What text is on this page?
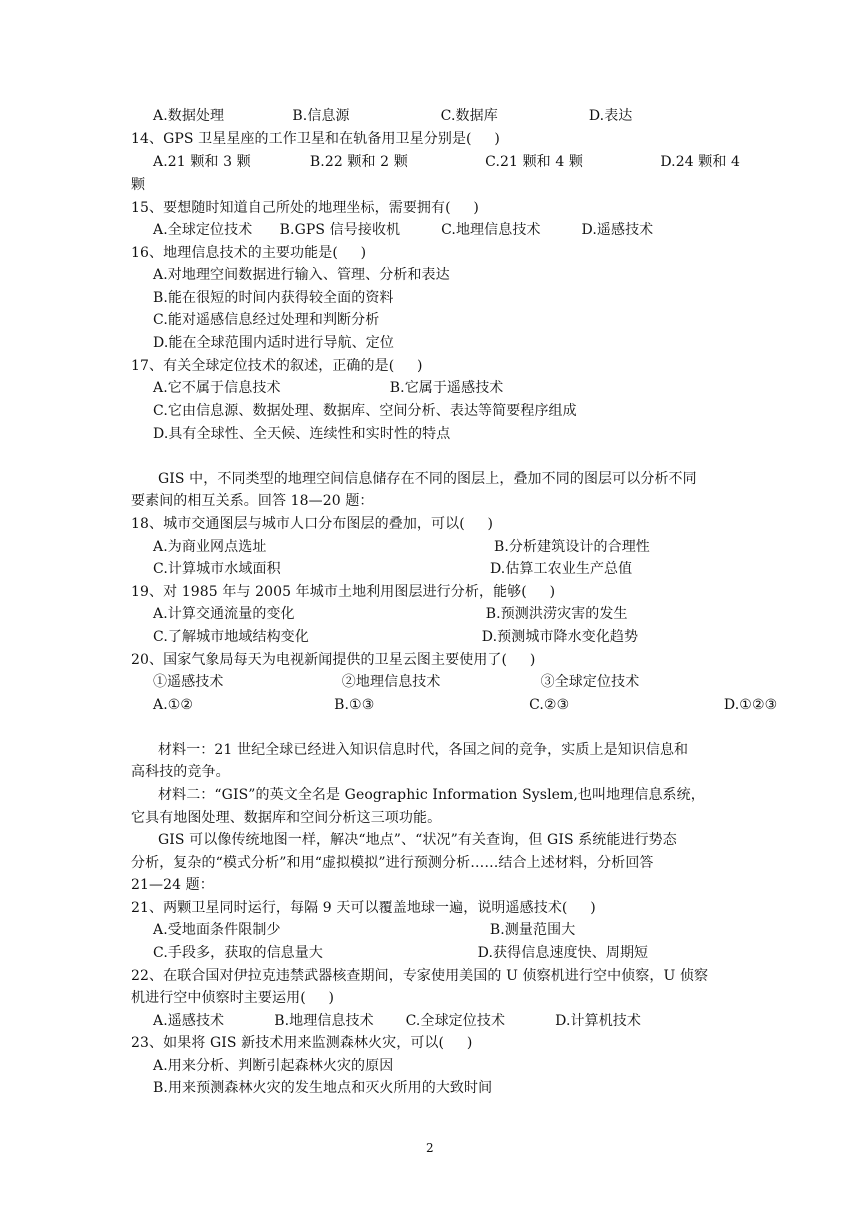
A.数据处理               B.信息源                    C.数据库                    D.表达
14、GPS 卫星星座的工作卫星和在轨备用卫星分别是(     )
A.21 颗和 3 颗             B.22 颗和 2 颗                 C.21 颗和 4 颗                 D.24 颗和 4
颗
15、要想随时知道自己所处的地理坐标，需要拥有(     )
A.全球定位技术      B.GPS 信号接收机         C.地理信息技术         D.遥感技术
16、地理信息技术的主要功能是(     )
A.对地理空间数据进行输入、管理、分析和表达
B.能在很短的时间内获得较全面的资料
C.能对遥感信息经过处理和判断分析
D.能在全球范围内适时进行导航、定位
17、有关全球定位技术的叙述，正确的是(     )
A.它不属于信息技术                        B.它属于遥感技术
C.它由信息源、数据处理、数据库、空间分析、表达等简要程序组成
D.具有全球性、全天候、连续性和实时性的特点
GIS 中，不同类型的地理空间信息储存在不同的图层上，叠加不同的图层可以分析不同
要素间的相互关系。回答 18—20 题：
18、城市交通图层与城市人口分布图层的叠加，可以(     )
A.为商业网点选址                                                  B.分析建筑设计的合理性
C.计算城市水域面积                                              D.估算工农业生产总值
19、对 1985 年与 2005 年城市土地利用图层进行分析，能够(     )
A.计算交通流量的变化                                          B.预测洪涝灾害的发生
C.了解城市地域结构变化                                      D.预测城市降水变化趋势
20、国家气象局每天为电视新闻提供的卫星云图主要使用了(     )
①遥感技术                          ②地理信息技术                      ③全球定位技术
A.①②                               B.①③                                  C.②③                                  D.①②③
材料一：21 世纪全球已经进入知识信息时代，各国之间的竞争，实质上是知识信息和
高科技的竞争。
材料二：“GIS”的英文全名是 Geographic Information Syslem,也叫地理信息系统，
它具有地图处理、数据库和空间分析这三项功能。
GIS 可以像传统地图一样，解决“地点”、“状况”有关查询，但 GIS 系统能进行势态
分析，复杂的“模式分析”和用“虚拟模拟”进行预测分析……结合上述材料，分析回答
21—24 题：
21、两颗卫星同时运行，每隔 9 天可以覆盖地球一遍，说明遥感技术(     )
A.受地面条件限制少                                              B.测量范围大
C.手段多，获取的信息量大                                  D.获得信息速度快、周期短
22、在联合国对伊拉克违禁武器核查期间，专家使用美国的 U 侦察机进行空中侦察，U 侦察
机进行空中侦察时主要运用(     )
A.遥感技术           B.地理信息技术       C.全球定位技术           D.计算机技术
23、如果将 GIS 新技术用来监测森林火灾，可以(     )
A.用来分析、判断引起森林火灾的原因
B.用来预测森林火灾的发生地点和灭火所用的大致时间
2
